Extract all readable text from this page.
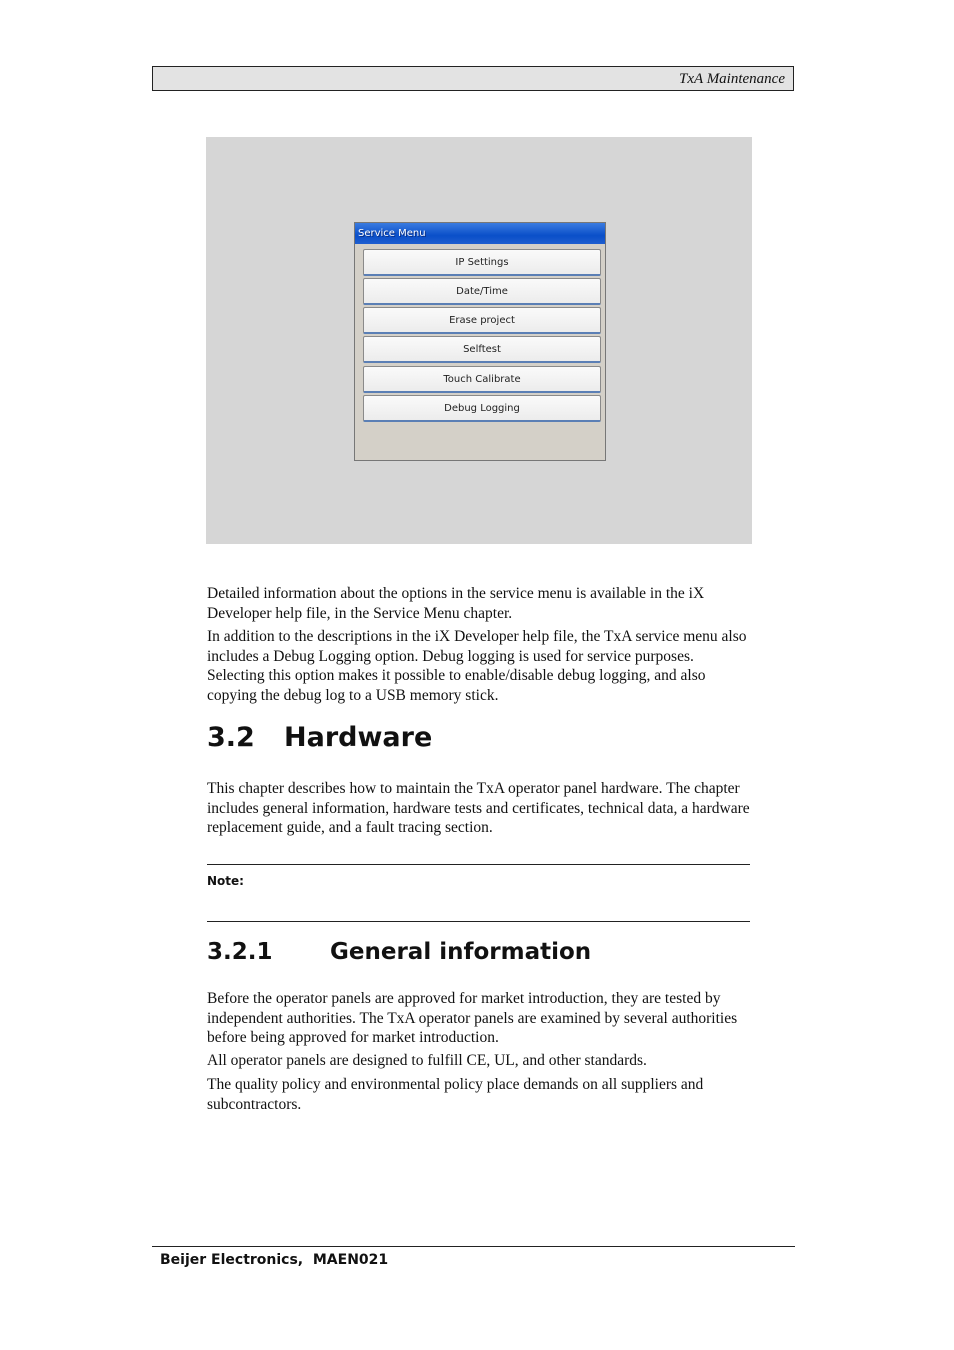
TxA Maintenance
Service Menu
IP Settings
Date/Time
Erase project
Selftest
Touch Calibrate
Debug Logging

Detailed information about the options in the service menu is available in the iX Developer help file, in the Service Menu chapter.

In addition to the descriptions in the iX Developer help file, the TxA service menu also includes a Debug Logging option. Debug logging is used for service purposes. Selecting this option makes it possible to enable/disable debug logging, and also copying the debug log to a USB memory stick.

3.2 Hardware

This chapter describes how to maintain the TxA operator panel hardware. The chapter includes general information, hardware tests and certificates, technical data, a hardware replacement guide, and a fault tracing section.

Note:
3.2.1	General information

Before the operator panels are approved for market introduction, they are tested by independent authorities. The TxA operator panels are examined by several authorities before being approved for market introduction.

All operator panels are designed to fulfill CE, UL, and other standards.

The quality policy and environmental policy place demands on all suppliers and subcontractors.

Beijer Electronics,  MAEN021
